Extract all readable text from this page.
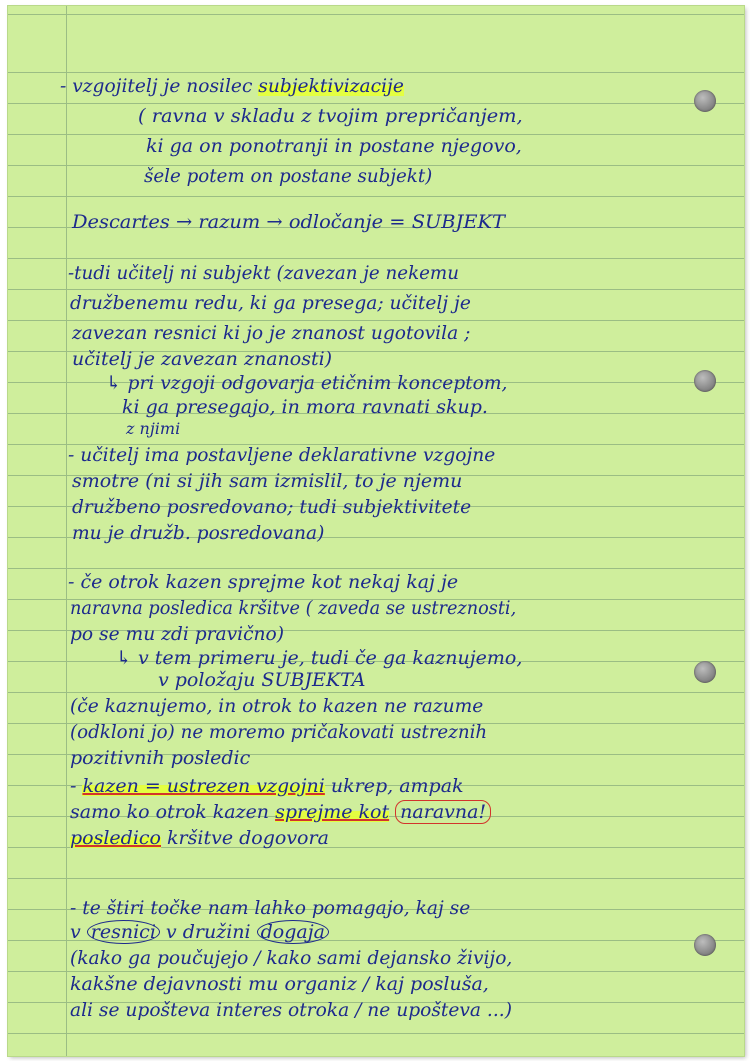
- vzgojitelj je nosilec subjektivizacije
( ravna v skladu z tvojim prepričanjem,
ki ga on ponotranji in postane njegovo,
šele potem on postane subjekt)
Descartes → razum → odločanje = SUBJEKT
-tudi učitelj ni subjekt (zavezan je nekemu
družbenemu redu, ki ga presega; učitelj je
zavezan resnici ki jo je znanost ugotovila ;
učitelj je zavezan znanosti)
↳ pri vzgoji odgovarja etičnim konceptom,
ki ga presegajo, in mora ravnati skup.
z njimi
- učitelj ima postavljene deklarativne vzgojne
smotre (ni si jih sam izmislil, to je njemu
družbeno posredovano; tudi subjektivitete
mu je družb. posredovana)
- če otrok kazen sprejme kot nekaj kaj je
naravna posledica kršitve ( zaveda se ustreznosti,
po se mu zdi pravično)
↳ v tem primeru je, tudi če ga kaznujemo,
v položaju SUBJEKTA
(če kaznujemo, in otrok to kazen ne razume
(odkloni jo) ne moremo pričakovati ustreznih
pozitivnih posledic
- kazen = ustrezen vzgojni ukrep, ampak
samo ko otrok kazen sprejme kot naravna!
posledico kršitve dogovora
- te štiri točke nam lahko pomagajo, kaj se
v resnici v družini dogaja
(kako ga poučujejo / kako sami dejansko živijo,
kakšne dejavnosti mu organiz / kaj posluša,
ali se upošteva interes otroka / ne upošteva ...)
